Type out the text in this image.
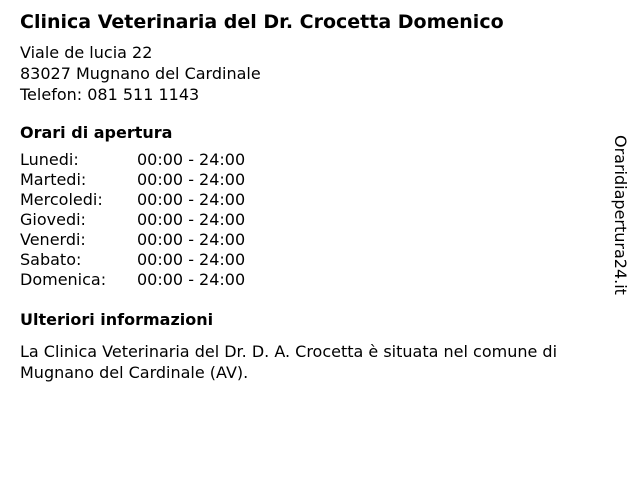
Clinica Veterinaria del Dr. Crocetta Domenico
Viale de lucia 22
83027 Mugnano del Cardinale
Telefon: 081 511 1143
Orari di apertura
Lunedi:	00:00 - 24:00
Martedi:	00:00 - 24:00
Mercoledi:	00:00 - 24:00
Giovedi:	00:00 - 24:00
Venerdi:	00:00 - 24:00
Sabato:	00:00 - 24:00
Domenica:	00:00 - 24:00
Ulteriori informazioni
La Clinica Veterinaria del Dr. D. A. Crocetta è situata nel comune di Mugnano del Cardinale (AV).
Oraridiapertura24.it
